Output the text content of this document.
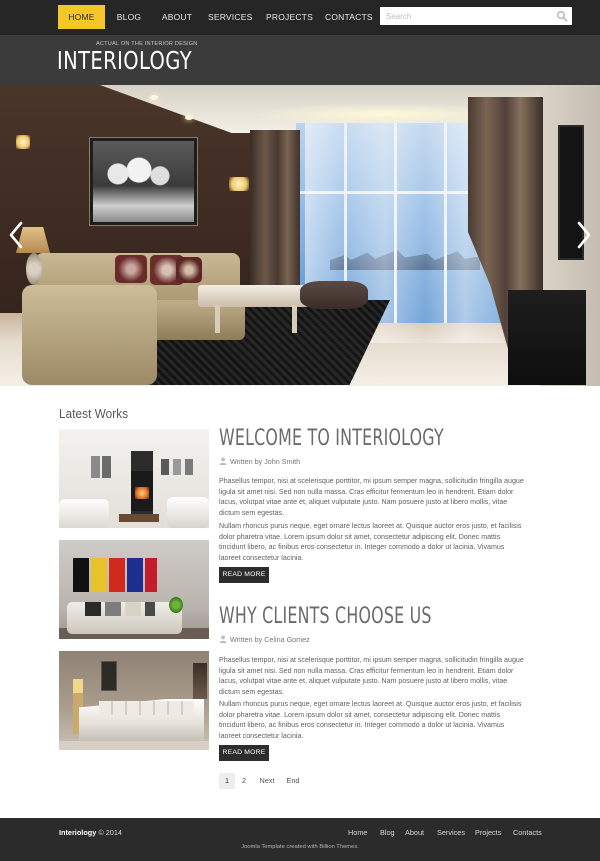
HOME	BLOG	ABOUT	SERVICES PROJECTS CONTACTS
Search
ACTUAL ON THE INTERIOR DESIGN
INTERIOLOGY
Latest Works
WELCOME TO INTERIOLOGY
Written by John Smith
Phasellus tempor, nisi at scelerisque porttitor, mi ipsum semper magna, sollicitudin fringilla augue ligula sit amet nisi. Sed non nulla massa. Cras efficitur fermentum leo in hendrerit. Etiam dolor lacus, volutpat vitae ante et, aliquet vulputate justo. Nam posuere justo at libero mollis, vitae dictum sem egestas.
Nullam rhoncus purus neque, eget ornare lectus laoreet at. Quisque auctor eros justo, et facilisis dolor pharetra vitae. Lorem ipsum dolor sit amet, consectetur adipiscing elit. Donec mattis tincidunt libero, ac finibus eros consectetur in. Integer commodo a dolor ut lacinia. Vivamus laoreet consectetur lacinia.
READ MORE
WHY CLIENTS CHOOSE US
Written by Celina Gomez
Phasellus tempor, nisi at scelerisque porttitor, mi ipsum semper magna, sollicitudin fringilla augue ligula sit amet nisi. Sed non nulla massa. Cras efficitur fermentum leo in hendrerit. Etiam dolor lacus, volutpat vitae ante et, aliquet vulputate justo. Nam posuere justo at libero mollis, vitae dictum sem egestas.
Nullam rhoncus purus neque, eget ornare lectus laoreet at. Quisque auctor eros justo, et facilisis dolor pharetra vitae. Lorem ipsum dolor sit amet, consectetur adipiscing elit. Donec mattis tincidunt libero, ac finibus eros consectetur in. Integer commodo a dolor ut lacinia. Vivamus laoreet consectetur lacinia.
READ MORE
1	2	Next	End
Interiology © 2014	Home Blog About Services Projects Contacts
Joomla Template created with Billion Themes.
